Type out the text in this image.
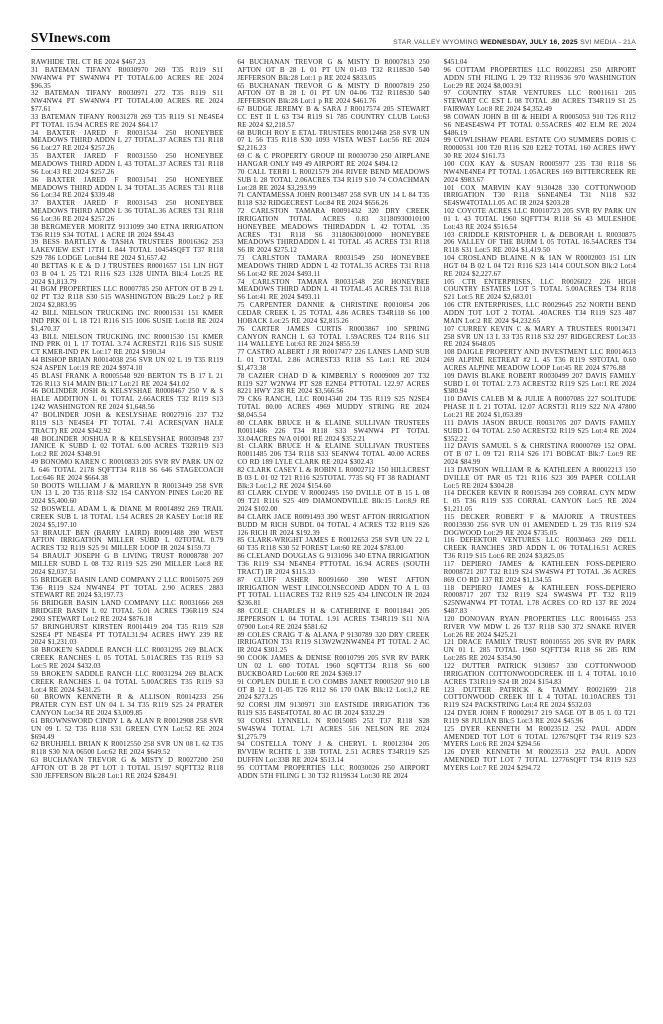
SVInews.com	STAR VALLEY WYOMING WEDNESDAY, JULY 16, 2025 SVI MEDIA - 21A

RAWHIDE TRL CT RE 2024 $467.23

31 BATEMAN TIFANY R0030970 269 T35 R119 S11 NW4NW4 PT SW4NW4 PT TOTAL6.00 ACRES RE 2024 $96.35

32 BATEMAN TIFANY R0030971 272 T35 R119 S11 NW4NW4 PT SW4NW4 PT TOTAL4.00 ACRES RE 2024 $77.61

33 BATEMAN TIFANY R0031278 269 T35 R119 S1 NE4SE4 PT TOTAL 15.94 ACRES RE 2024 $64.17

34 BAXTER JARED F R0031534 250 HONEYBEE MEADOWS THIRD ADDN L 27 TOTAL.37 ACRES T31 R118 S6 Lot:27 RE 2024 $257.26

35 BAXTER JARED F R0031550 250 HONEYBEE MEADOWS THIRD ADDN L 43 TOTAL.37 ACRES T31 R118 S6 Lot:43 RE 2024 $257.26

36 BAXTER JARED F R0031541 250 HONEYBEE MEADOWS THIRD ADDN L 34 TOTAL.35 ACRES T31 R118 S6 Lot:34 RE 2024 $339.48

37 BAXTER JARED F R0031543 250 HONEYBEE MEADOWS THIRD ADDN L 36 TOTAL.36 ACRES T31 R118 S6 Lot:36 RE 2024 $257.26

38 BERGMEYER MORITZ 9131099 340 ETNA IRRIGATION T36 R119 S34 TOTAL 1 ACRE IR 2024 $94.43

39 BESS BARTLEY & TASHA TRUSTEES R0016362 253 LAKEVIEW EST 17TH L 844 TOTAL 10454SQFT T37 R118 S29 786 LODGE Lot:844 RE 2024 $1,657.42

40 BETTAS K E & D J TRUSTEES R0001657 151 LIN HGT 03 B 04 L 25 T21 R116 S23 1328 UINTA Blk:4 Lot:25 RE 2024 $1,813.79

41 BGM PROPERTIES LLC R0007785 250 AFTON OT B 29 L 02 PT T32 R118 S30 515 WASHINGTON Blk:29 Lot:2 p RE 2024 $2,883.95

42 BILL NIELSON TRUCKING INC R0001531 151 KMER IND PRK 01 L 18 T21 R116 S15 1006 SUSIE Lot:18 RE 2024 $1,470.37

43 BILL NIELSON TRUCKING INC R0001530 151 KMER IND PRK 01 L 17 TOTAL 3.74 ACREST21 R116 S15 SUSIE CT KMER-IND PK Lot:17 RE 2024 $190.34

44 BISHOP BRIAN R0014038 256 SVR UN 02 L 19 T35 R119 S24 ASPEN Lot:19 RE 2024 $974.10

45 BLASI FRANK A R0005548 920 BERTON TS B 17 L 21 T26 R113 S14 MAIN Blk:17 Lot:21 RE 2024 $41.02

46 BOLINDER JOSH & KELSYSHAE R0008467 250 V & S HALE ADDITION L 01 TOTAL 2.66ACRES T32 R119 S13 1242 WASHINGTON RE 2024 $1,648.56

47 BOLINDER JOSH & KESLYSHAE R0027916 237 T32 R119 S13 NE4SE4 PT TOTAL 7.41 ACRES(VAN HALE TRACT) RE 2024 $342.92

48 BOLINDER JOSHUA R & KELSEYSHAE R0030948 237 JANICE K SUBD L 02 TOTAL 6.00 ACRES T32R119 S13 Lot:2 RE 2024 $348.91

49 BONOMO KAREN C R0010833 205 SVR RV PARK UN 02 L 646 TOTAL 2178 SQFTT34 R118 S6 646 STAGECOACH Lot:646 RE 2024 $664.38

50 BOOTS WILLIAM J & MARILYN R R0013449 258 SVR UN 13 L 20 T35 R118 S32 154 CANYON PINES Lot:20 RE 2024 $5,400.60

52 BOSWELL ADAM L & DIANE M R0014892 269 TRAIL CREEK SUB L 18 TOTAL 1.54 ACRES 28 KASEY Lot:18 RE 2024 $5,197.10

53 BRAULT BEN (BARRY LAIRD) R0091488 390 WEST AFTON IRRIGATION MILLER SUBD L 02TOTAL 0.79 ACRES T32 R119 S25 91 MILLER LOOP IR 2024 $159.73

54 BRAULT JOSEPH G B LIVING TRUST R0008788 207 MILLER SUBD L 08 T32 R119 S25 290 MILLER Lot:8 RE 2024 $2,037.51

55 BRIDGER BASIN LAND COMPANY 2 LLC R0015075 269 T36 R119 S24 NW4NE4 PT TOTAL 2.90 ACRES 2883 STEWART RE 2024 $3,197.73

56 BRIDGER BASIN LAND COMPANY LLC R0031666 269 BRIDGER BASIN L 02 TOTAL 5.01 ACRES T36R119 S24 2903 STEWART Lot:2 RE 2024 $876.18

57 BRINGHURST KIRSTEN R0014419 204 T35 R119 S28 S2SE4 PT NE4SE4 PT TOTAL31.94 ACRES HWY 239 RE 2024 $1,231.03

58 BROKE'N SADDLE RANCH LLC R0031295 269 BLACK CREEK RANCHES L 05 TOTAL 5.01ACRES T35 R119 S3 Lot:5 RE 2024 $432.03

59 BROKE'N SADDLE RANCH LLC R0031294 269 BLACK CREEK RANCHES L 04 TOTAL 5.00ACRES T35 R119 S3 Lot:4 RE 2024 $431.25

60 BROWN KENNETH R & ALLISON R0014233 256 PRATER CYN EST UN 04 L 34 T35 R119 S25 24 PRATER CANYON Lot:34 RE 2024 $3,009.85

61 BROWNSWORD CINDY L & ALAN R R0012908 258 SVR UN 09 L 52 T35 R118 S31 GREEN CYN Lot:52 RE 2024 $694.49

62 BRUHJELL BRIAN K R0012550 258 SVR UN 08 L 62 T35 R118 S30 N/A 06500 Lot:62 RE 2024 $649.52

63 BUCHANAN TREVOR G & MISTY D R0027200 250 AFTON OT B 28 PT LOT 1 TOTAL 15197 SQFTT32 R118 S30 JEFFERSON Blk:28 Lot:1 RE 2024 $284.91

64 BUCHANAN TREVOR G & MISTY D R0007813 250 AFTON OT B 28 L 01 PT UN 01-03 T32 R118S30 540 JEFFERSON Blk:28 Lot:1 p RE 2024 $833.05

65 BUCHANAN TREVOR G & MISTY D R0007819 250 AFTON OT B 28 L 01 PT UN 04-06 T32 R118S30 540 JEFFERSON Blk:28 Lot:1 p RE 2024 $461.76

67 BUDGE JEREMY B & SARA J R0017574 205 STEWART CC EST II L 63 T34 R119 S1 785 COUNTRY CLUB Lot:63 RE 2024 $2,218.57

68 BURCH ROY E ETAL TRUSTEES R0012468 258 SVR UN 07 L 56 T35 R118 S30 1093 VISTA WEST Lot:56 RE 2024 $2,216.23

69 C & C PROPERTY GROUP III R0030730 250 AIRPLANE HANGAR ONLY #49 49 AIRPORT RE 2024 $494.12

70 CALL TERRI L R0021579 204 RIVER BEND MEADOWS SUB L 28 TOTAL 2.06ACRES T34 R119 S10 74 COACHMAN Lot:28 RE 2024 $3,293.99

71 CANTAMESSA JOHN R0013487 258 SVR UN 14 L 84 T35 R118 S32 RIDGECREST Lot:84 RE 2024 $656.26

72 CARLSTON TAMARA R0091432 320 DRY CREEK IRRIGATION TOTAL ACRES 0.83 31180930010100 HONEYBEE MEADOWS THIRDADDN L 42 TOTAL .35 ACRES T31 R118 S6 31180630010000 HONEYBEE MEADOWS THIRDADDN L 41 TOTAL .45 ACRES T31 R118 S6 IR 2024 $275.12

73 CARLSTON TAMARA R0031549 250 HONEYBEE MEADOWS THIRD ADDN L 42 TOTAL.35 ACRES T31 R118 S6 Lot:42 RE 2024 $493.11

74 CARLSTON TAMARA R0031548 250 HONEYBEE MEADOWS THIRD ADDN L 41 TOTAL.45 ACRES T31 R118 S6 Lot:41 RE 2024 $493.11

75 CARPENTER DANNIE & CHRISTINE R0010854 206 CEDAR CREEK L 25 TOTAL 4.86 ACRES T34R118 S6 100 HOBACK Lot:25 RE 2024 $2,815.26

76 CARTER JAMES CURTIS R0003867 100 SPRING CANYON RANCH L 63 TOTAL 1.59ACRES T24 R116 S11 114 WALLEYE Lot:63 RE 2024 $855.59

77 CASTRO ALBERT J JR R0017477 226 LANES LAND SUB L 01 TOTAL 2.86 ACREST33 R118 S5 Lot:1 RE 2024 $1,473.38

78 CAZIER CHAD D & KIMBERLY S R0009009 207 T32 R119 S27 W2NW4 PT S28 E2NE4 PTTOTAL 122.97 ACRES 8221 HWY 238 RE 2024 $3,566.56

79 CK6 RANCH, LLC R0014340 204 T35 R119 S25 N2SE4 TOTAL 80.00 ACRES 4969 MUDDY STRING RE 2024 $8,045.54

80 CLARK BRUCE H & ELAINE SULLIVAN TRUSTEES R0011486 226 T34 R118 S33 SW4NW4 PT TOTAL 33.04ACRES N/A 01001 RE 2024 $352.21

81 CLARK BRUCE H & ELAINE SULLIVAN TRUSTEES R0011485 206 T34 R118 S33 SE4NW4 TOTAL 40.00 ACRES CO RD 189 LYLE CLARK RE 2024 $302.43

82 CLARK CASEY L & ROBIN L R0002712 150 HILLCREST B 03 L 01 02 T21 R116 S25TOTAL 7735 SQ FT 38 RADIANT Blk:3 Lot:1,2 RE 2024 $154.60

83 CLARK CLYDE V R0002495 150 DVILLE OT B 15 L 08 09 T21 R116 S25 409 DIAMONDVILLE Blk:15 Lot:8,9 RE 2024 $102.00

84 CLARK JACE R0091493 390 WEST AFTON IRRIGATION BUDD M RICH SUBDL 04 TOTAL 4 ACRES T32 R119 S26 126 RICH IR 2024 $192.39

85 CLARK-WRIGHT JAMES E R0012653 258 SVR UN 22 L 60 T35 R118 S30 52 FOREST Lot:60 RE 2024 $783.00

86 CLELAND DOUGLAS G 9131096 340 ETNA IRRIGATION T36 R119 S34 NE4NE4 PTTOTAL 16.94 ACRES (SOUTH TRACT) IR 2024 $115.33

87 CLUFF ASHER R0091660 390 WEST AFTON IRRIGATION WEST LINCOLNSECOND ADDN TO A L 03 PT TOTAL 1.11ACRES T32 R119 S25 434 LINCOLN IR 2024 $236.81

88 COLE CHARLES H & CATHERINE E R0011841 205 JEPPERSON L 04 TOTAL 1.91 ACRES T34R119 S11 N/A 07900 Lot:4 RE 2024 $581.62

89 COLES CRAIG T & ALANA P 9130789 320 DRY CREEK IRRIGATION T31 R119 S13W2W2NW4NE4 PT TOTAL 2 AC IR 2024 $301.25

90 COOK JAMES & DENISE R0010799 205 SVR RV PARK UN 02 L 600 TOTAL 1960 SQFTT34 R118 S6 600 BUCKBOARD Lot:600 RE 2024 $369.17

91 COPLEN DULIE E C/O COMBS JANET R0005207 910 LB OT B 12 L 01-05 T26 R112 S6 170 OAK Blk:12 Lot:1,2 RE 2024 $273.25

92 CORSI JIM 9130971 310 EASTSIDE IRRIGATION T36 R119 S35 E4SE4TOTAL 80 AC IR 2024 $332.29

93 CORSI LYNNELL N R0015085 253 T37 R118 S28 SW4SW4 TOTAL 1.71 ACRES 516 NELSON RE 2024 $1,275.79

94 COSTELLA TONY J & CHERYL L R0012304 205 RVVIEW RCHTE L 33B TOTAL 2.51 ACRES T34R119 S25 DUFFIN Lot:33B RE 2024 $513.14

95 COTTAM PROPERTIES LLC R0030026 250 AIRPORT ADDN 5TH FILING L 30 T32 R119S34 Lot:30 RE 2024

$451.04

96 COTTAM PROPERTIES LLC R0022851 250 AIRPORT ADDN 5TH FILING L 29 T32 R119S36 970 WASHINGTON Lot:29 RE 2024 $8,003.91

97 COUNTRY STAR VENTURES LLC R0011611 205 STEWART CC EST L 08 TOTAL .80 ACRES T34R119 S1 25 FAIRWAY Lot:8 RE 2024 $4,352.49

98 COWAN JOHN B III & HEIDI A R0005053 910 T26 R112 S6 NE4SE4SW4 PT TOTAL 0.55ACRES 402 ELM RE 2024 $486.19

99 COWLISHAW PEARL ESTATE C/O SUMMERS DORIS C R0000531 100 T20 R116 S20 E2E2 TOTAL 160 ACRES HWY 30 RE 2024 $161.73

100 COX KAY & SUSAN R0005977 235 T30 R118 S6 NW4NE4NE4 PT TOTAL 1.05ACRES 169 BITTERCREEK RE 2024 $983.67

101 COX MARVIN KAY 9130428 330 COTTONWOOD IRRIGATION T30 R118 S6NE4NE4 T31 N118 S32 SE4SW4TOTAL1.05 AC IR 2024 $203.28

102 COYOTE ACRES LLC R0010723 205 SVR RV PARK UN 01 L 43 TOTAL 1960 SQFTT34 R118 S6 43 MULESHOE Lot:43 RE 2024 $516.54

103 CRIDDLE KRISTOPHER L & DEBORAH L R0030875 206 VALLEY OF THE BURM L 05 TOTAL 16.54ACRES T34 R118 S31 Lot:5 RE 2024 $1,419.50

104 CROSLAND BLAINE N & IAN W R0002003 151 LIN HGT 04 B 02 L 04 T21 R116 S23 1414 COULSON Blk:2 Lot:4 RE 2024 $2,227.67

105 CTR ENTERPRISES, LLC R0026022 226 HIGH COUNTRY ESTATES LOT 5 TOTAL 5.00ACRES T34 R118 S21 Lot:5 RE 2024 $2,683.01

106 CTR ENTERPRISES, LLC R0029645 252 NORTH BEND ADDN TOT LOT 2 TOTAL .40ACRES T34 R119 S23 487 MAIN Lot:2 RE 2024 $4,232.65

107 CURREY KEVIN C & MARY A TRUSTEES R0013471 258 SVR UN 13 L 33 T35 R118 S32 297 RIDGECREST Lot:33 RE 2024 $648.05

108 DAIGLE PROPERTY AND INVESTMENT LLC R0014613 269 ALPINE RETREAT #2 L 45 T36 R119 S9TOTAL 0.60 ACRES ALPINE MEADOW LOOP Lot:45 RE 2024 $776.88

109 DAVIS BLAKE ROBERT R0030499 207 DAVIS FAMILY SUBD L 01 TOTAL 2.73 ACREST32 R119 S25 Lot:1 RE 2024 $380.94

110 DAVIS CALEB M & JULIE A R0007085 227 SOLITUDE PHASE II L 21 TOTAL 12.07 ACRST31 R119 S22 N/A 47800 Lot:21 RE 2024 $1,053.89

111 DAVIS JASON BRUCE R0031705 207 DAVIS FAMILY SUBD L 04 TOTAL 2.50 ACREST32 R119 S25 Lot:4 RE 2024 $352.22

112 DAVIS SAMUEL S & CHRISTINA R0000769 152 OPAL OT B 07 L 09 T21 R114 S26 171 BOBCAT Blk:7 Lot:9 RE 2024 $84.99

113 DAVISON WILLIAM R & KATHLEEN A R0002213 150 DVILLE OT PAR 05 T21 R116 S23 309 PAPER COLLAR Lot:5 RE 2024 $304.28

114 DECKER KEVIN R R0015394 269 CORRAL CYN MDW L 05 T36 R119 S35 CORRAL CANYON Lot:5 RE 2024 $1,211.05

115 DECKER ROBERT F & MAJORIE A TRUSTEES R0013930 256 SVR UN 01 AMENDED L 29 T35 R119 S24 DOGWOOD Lot:29 RE 2024 $735.05

116 DEFEKTOR VENTURES LLC R0030463 269 DELL CREEK RANCHES 3RD ADDN L 06 TOTAL16.51 ACRES T36 R119 S15 Lot:6 RE 2024 $3,825.05

117 DEPIERO JAMES & KATHLEEN FOSS-DEPIERO R0008721 207 T32 R119 S24 SW4SW4 PT TOTAL .36 ACRES 869 CO RD 137 RE 2024 $1,134.55

118 DEPIERO JAMES & KATHLEEN FOSS-DEPIERO R0008717 207 T32 R119 S24 SW4SW4 PT T32 R119 S25NW4NW4 PT TOTAL 1.78 ACRES CO RD 137 RE 2024 $487.83

120 DONOVAN RYAN PROPERTIES LLC R0016455 253 RIVER VW MDW L 26 T37 R118 S30 372 SNAKE RIVER Lot:26 RE 2024 $425.21

121 DRACE FAMILY TRUST R0010555 205 SVR RV PARK UN 01 L 285 TOTAL 1960 SQFTT34 R118 S6 285 RIM Lot:285 RE 2024 $354.90

122 DUTTER PATRICK 9130857 330 COTTONWOOD IRRIGATION COTTONWOODCREEK III L 4 TOTAL 10.10 ACRES T31R119 S24 IR 2024 $154.83

123 DUTTER PATRICK & TAMMY R0021699 218 COTTONWOOD CREEK III L 4 TOTAL 10.10ACRES T31 R119 S24 PACKSTRING Lot:4 RE 2024 $532.03

124 DYER JOHN F R0002917 219 SAGE OT B 05 L 03 T21 R119 S8 JULIAN Blk:5 Lot:3 RE 2024 $45.96

125 DYER KENNETH M R0023512 252 PAUL ADDN AMENDED TOT LOT 6 TOTAL 12767SQFT T34 R119 S23 MYERS Lot:6 RE 2024 $294.56

126 DYER KENNETH M R0023513 252 PAUL ADDN AMENDED TOT LOT 7 TOTAL 12776SQFT T34 R119 S23 MYERS Lot:7 RE 2024 $294.72
